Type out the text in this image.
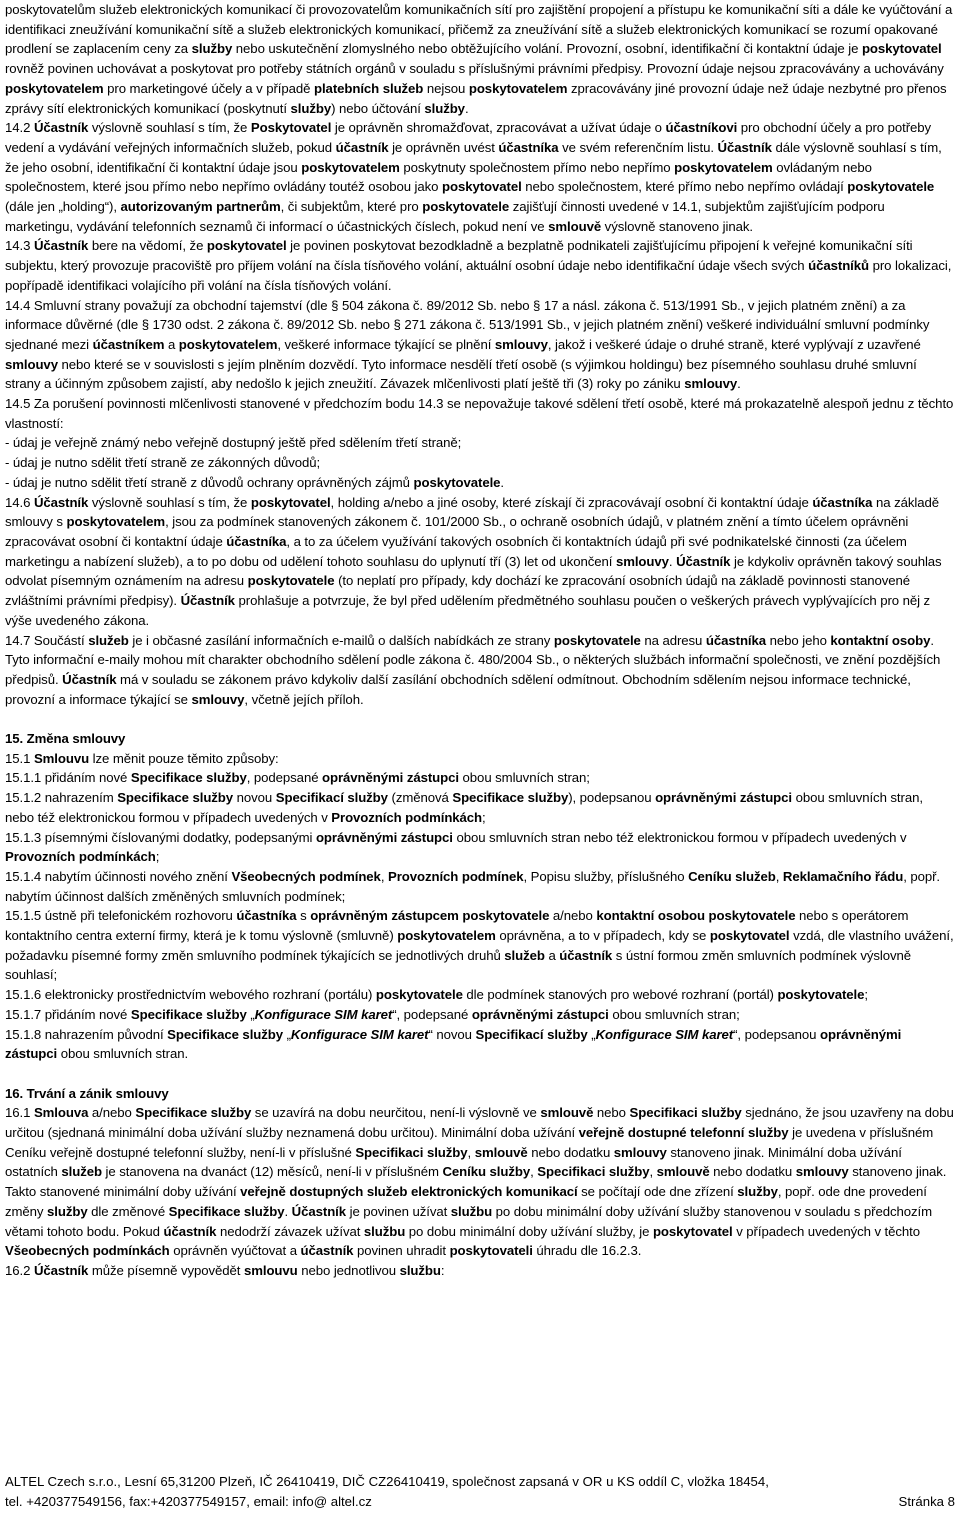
poskytovatelům služeb elektronických komunikací či provozovatelům komunikačních sítí pro zajištění propojení a přístupu ke komunikační síti a dále ke vyúčtování a identifikaci zneužívání komunikační sítě a služeb elektronických komunikací, přičemž za zneužívání sítě a služeb elektronických komunikací se rozumí opakované prodlení se zaplacením ceny za služby nebo uskutečnění zlomyslného nebo obtěžujícího volání. Provozní, osobní, identifikační či kontaktní údaje je poskytovatel rovněž povinen uchovávat a poskytovat pro potřeby státních orgánů v souladu s příslušnými právními předpisy. Provozní údaje nejsou zpracovávány a uchovávány poskytovatelem pro marketingové účely a v případě platebních služeb nejsou poskytovatelem zpracovávány jiné provozní údaje než údaje nezbytné pro přenos zprávy sítí elektronických komunikací (poskytnutí služby) nebo účtování služby.

14.2 Účastník výslovně souhlasí s tím, že Poskytovatel je oprávněn shromažďovat, zpracovávat a užívat údaje o účastníkovi pro obchodní účely a pro potřeby vedení a vydávání veřejných informačních služeb, pokud účastník je oprávněn uvést účastníka ve svém referenčním listu. Účastník dále výslovně souhlasí s tím, že jeho osobní, identifikační či kontaktní údaje jsou poskytovatelem poskytnuty společnostem přímo nebo nepřímo poskytovatelem ovládaným nebo společnostem, které jsou přímo nebo nepřímo ovládány toutéž osobou jako poskytovatel nebo společnostem, které přímo nebo nepřímo ovládají poskytovatele (dále jen „holding“), autorizovaným partnerům, či subjektům, které pro poskytovatele zajišťují činnosti uvedené v 14.1, subjektům zajišťujícím podporu marketingu, vydávání telefonních seznamů či informací o účastnických číslech, pokud není ve smlouvě výslovně stanoveno jinak.

14.3 Účastník bere na vědomí, že poskytovatel je povinen poskytovat bezodkladně a bezplatně podnikateli zajišťujícímu připojení k veřejné komunikační síti subjektu, který provozuje pracoviště pro příjem volání na čísla tísňového volání, aktuální osobní údaje nebo identifikační údaje všech svých účastníků pro lokalizaci, popřípadě identifikaci volajícího při volání na čísla tísňových volání.

14.4 Smluvní strany považují za obchodní tajemství (dle § 504 zákona č. 89/2012 Sb. nebo § 17 a násl. zákona č. 513/1991 Sb., v jejich platném znění) a za informace důvěrné (dle § 1730 odst. 2 zákona č. 89/2012 Sb. nebo § 271 zákona č. 513/1991 Sb., v jejich platném znění) veškeré individuální smluvní podmínky sjednané mezi účastníkem a poskytovatelem, veškeré informace týkající se plnění smlouvy, jakož i veškeré údaje o druhé straně, které vyplývají z uzavřené smlouvy nebo které se v souvislosti s jejím plněním dozvědí. Tyto informace nesdělí třetí osobě (s výjimkou holdingu) bez písemného souhlasu druhé smluvní strany a účinným způsobem zajistí, aby nedošlo k jejich zneužití. Závazek mlčenlivosti platí ještě tři (3) roky po zániku smlouvy.

14.5 Za porušení povinnosti mlčenlivosti stanovené v předchozím bodu 14.3 se nepovažuje takové sdělení třetí osobě, které má prokazatelně alespoň jednu z těchto vlastností:

- údaj je veřejně známý nebo veřejně dostupný ještě před sdělením třetí straně;

- údaj je nutno sdělit třetí straně ze zákonných důvodů;

- údaj je nutno sdělit třetí straně z důvodů ochrany oprávněných zájmů poskytovatele.

14.6 Účastník výslovně souhlasí s tím, že poskytovatel, holding a/nebo a jiné osoby, které získají či zpracovávají osobní či kontaktní údaje účastníka na základě smlouvy s poskytovatelem, jsou za podmínek stanovených zákonem č. 101/2000 Sb., o ochraně osobních údajů, v platném znění a tímto účelem oprávněni zpracovávat osobní či kontaktní údaje účastníka, a to za účelem využívání takových osobních či kontaktních údajů při své podnikatelské činnosti (za účelem marketingu a nabízení služeb), a to po dobu od udělení tohoto souhlasu do uplynutí tří (3) let od ukončení smlouvy. Účastník je kdykoliv oprávněn takový souhlas odvolat písemným oznámením na adresu poskytovatele (to neplatí pro případy, kdy dochází ke zpracování osobních údajů na základě povinnosti stanovené zvláštními právními předpisy). Účastník prohlašuje a potvrzuje, že byl před udělením předmětného souhlasu poučen o veškerých právech vyplývajících pro něj z výše uvedeného zákona.

14.7 Součástí služeb je i občasné zasílání informačních e-mailů o dalších nabídkách ze strany poskytovatele na adresu účastníka nebo jeho kontaktní osoby. Tyto informační e-maily mohou mít charakter obchodního sdělení podle zákona č. 480/2004 Sb., o některých službách informační společnosti, ve znění pozdějších předpisů. Účastník má v souladu se zákonem právo kdykoliv další zasílání obchodních sdělení odmítnout. Obchodním sdělením nejsou informace technické, provozní a informace týkající se smlouvy, včetně jejích příloh.

15. Změna smlouvy

15.1 Smlouvu lze měnit pouze těmito způsoby:

15.1.1 přidáním nové Specifikace služby, podepsané oprávněnými zástupci obou smluvních stran;

15.1.2 nahrazením Specifikace služby novou Specifikací služby (změnová Specifikace služby), podepsanou oprávněnými zástupci obou smluvních stran, nebo též elektronickou formou v případech uvedených v Provozních podmínkách;

15.1.3 písemnými číslovanými dodatky, podepsanými oprávněnými zástupci obou smluvních stran nebo též elektronickou formou v případech uvedených v Provozních podmínkách;

15.1.4 nabytím účinnosti nového znění Všeobecných podmínek, Provozních podmínek, Popisu služby, příslušného Ceníku služeb, Reklamačního řádu, popř. nabytím účinnost dalších změněných smluvních podmínek;

15.1.5 ústně při telefonickém rozhovoru účastníka s oprávněným zástupcem poskytovatele a/nebo kontaktní osobou poskytovatele nebo s operátorem kontaktního centra externí firmy, která je k tomu výslovně (smluvně) poskytovatelem oprávněna, a to v případech, kdy se poskytovatel vzdá, dle vlastního uvážení, požadavku písemné formy změn smluvního podmínek týkajících se jednotlivých druhů služeb a účastník s ústní formou změn smluvních podmínek výslovně souhlasí;

15.1.6 elektronicky prostřednictvím webového rozhraní (portálu) poskytovatele dle podmínek stanových pro webové rozhraní (portál) poskytovatele;

15.1.7 přidáním nové Specifikace služby „Konfigurace SIM karet“, podepsané oprávněnými zástupci obou smluvních stran;

15.1.8 nahrazením původní Specifikace služby „Konfigurace SIM karet“ novou Specifikací služby „Konfigurace SIM karet“, podepsanou oprávněnými zástupci obou smluvních stran.

16. Trvání a zánik smlouvy

16.1 Smlouva a/nebo Specifikace služby se uzavírá na dobu neurčitou, není-li výslovně ve smlouvě nebo Specifikaci služby sjednáno, že jsou uzavřeny na dobu určitou (sjednaná minimální doba užívání služby neznamená dobu určitou). Minimální doba užívání veřejně dostupné telefonní služby je uvedena v příslušném Ceníku veřejně dostupné telefonní služby, není-li v příslušné Specifikaci služby, smlouvě nebo dodatku smlouvy stanoveno jinak. Minimální doba užívání ostatních služeb je stanovena na dvanáct (12) měsíců, není-li v příslušném Ceníku služby, Specifikaci služby, smlouvě nebo dodatku smlouvy stanoveno jinak. Takto stanovené minimální doby užívání veřejně dostupných služeb elektronických komunikací se počítají ode dne zřízení služby, popř. ode dne provedení změny služby dle změnové Specifikace služby. Účastník je povinen užívat službu po dobu minimální doby užívání služby stanovenou v souladu s předchozím větami tohoto bodu. Pokud účastník nedodrží závazek užívat službu po dobu minimální doby užívání služby, je poskytovatel v případech uvedených v těchto Všeobecných podmínkách oprávněn vyúčtovat a účastník povinen uhradit poskytovateli úhradu dle 16.2.3.

16.2 Účastník může písemně vypovědět smlouvu nebo jednotlivou službu:

ALTEL Czech s.r.o., Lesní 65,31200 Plzeň, IČ 26410419, DIČ CZ26410419, společnost zapsaná v OR u KS oddíl C, vložka 18454,
tel. +420377549156, fax:+420377549157, email: info@ altel.cz	Stránka 8
